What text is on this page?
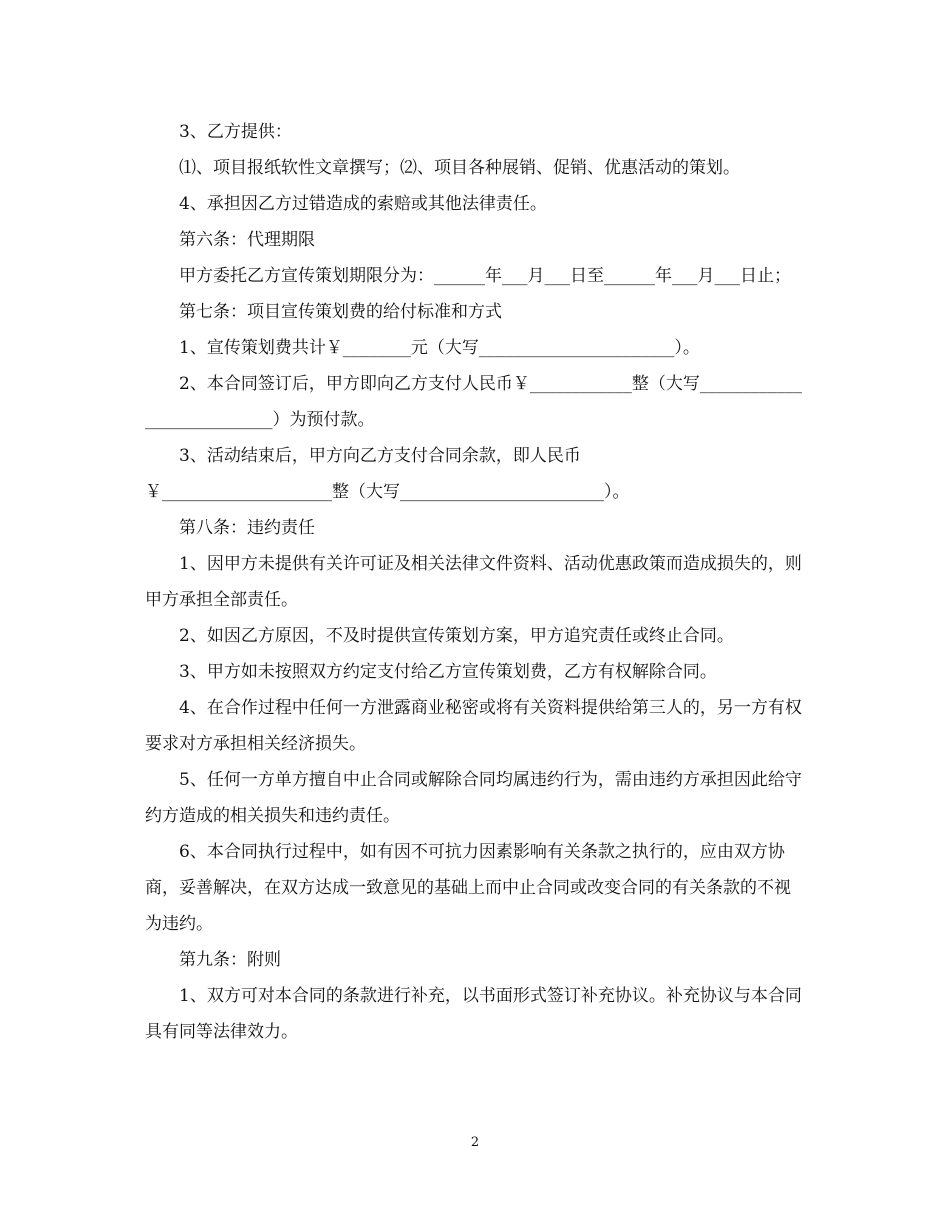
3、乙方提供：

⑴、项目报纸软性文章撰写；⑵、项目各种展销、促销、优惠活动的策划。

4、承担因乙方过错造成的索赔或其他法律责任。

第六条：代理期限

甲方委托乙方宣传策划期限分为：______年___月___日至______年___月___日止；

第七条：项目宣传策划费的给付标准和方式

1、宣传策划费共计￥________元（大写_______________________）。

2、本合同签订后，甲方即向乙方支付人民币￥____________整（大写___________________________）为预付款。

3、活动结束后，甲方向乙方支付合同余款，即人民币

￥____________________整（大写________________________）。

第八条：违约责任

1、因甲方未提供有关许可证及相关法律文件资料、活动优惠政策而造成损失的，则甲方承担全部责任。

2、如因乙方原因，不及时提供宣传策划方案，甲方追究责任或终止合同。

3、甲方如未按照双方约定支付给乙方宣传策划费，乙方有权解除合同。

4、在合作过程中任何一方泄露商业秘密或将有关资料提供给第三人的，另一方有权要求对方承担相关经济损失。

5、任何一方单方擅自中止合同或解除合同均属违约行为，需由违约方承担因此给守约方造成的相关损失和违约责任。

6、本合同执行过程中，如有因不可抗力因素影响有关条款之执行的，应由双方协商，妥善解决，在双方达成一致意见的基础上而中止合同或改变合同的有关条款的不视为违约。

第九条：附则

1、双方可对本合同的条款进行补充，以书面形式签订补充协议。补充协议与本合同具有同等法律效力。

2
